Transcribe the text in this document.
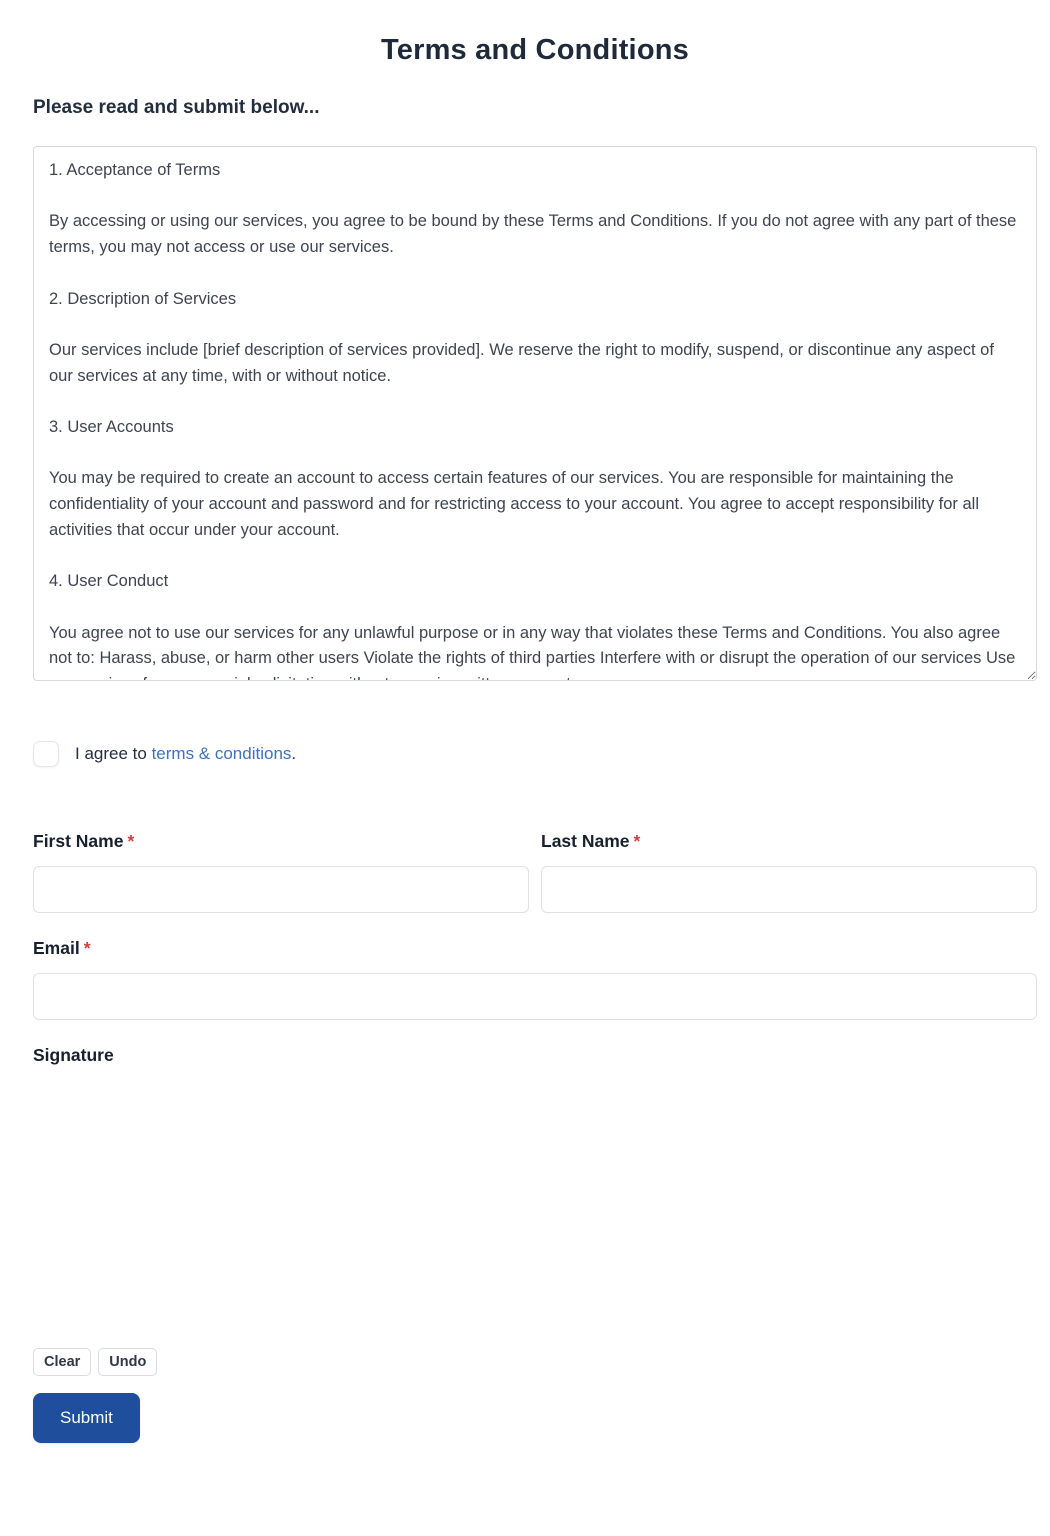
Terms and Conditions
Please read and submit below...
1. Acceptance of Terms By accessing or using our services, you agree to be bound by these Terms and Conditions. If you do not agree with any part of these terms, you may not access or use our services. 2. Description of Services Our services include [brief description of services provided]. We reserve the right to modify, suspend, or discontinue any aspect of our services at any time, with or without notice. 3. User Accounts You may be required to create an account to access certain features of our services. You are responsible for maintaining the confidentiality of your account and password and for restricting access to your account. You agree to accept responsibility for all activities that occur under your account. 4. User Conduct You agree not to use our services for any unlawful purpose or in any way that violates these Terms and Conditions. You also agree not to: Harass, abuse, or harm other users Violate the rights of third parties Interfere with or disrupt the operation of our services Use our services for commercial solicitation without our prior written consent
I agree to terms & conditions.
First Name *	Last Name *
Email *
Signature
Clear	Undo
Submit
